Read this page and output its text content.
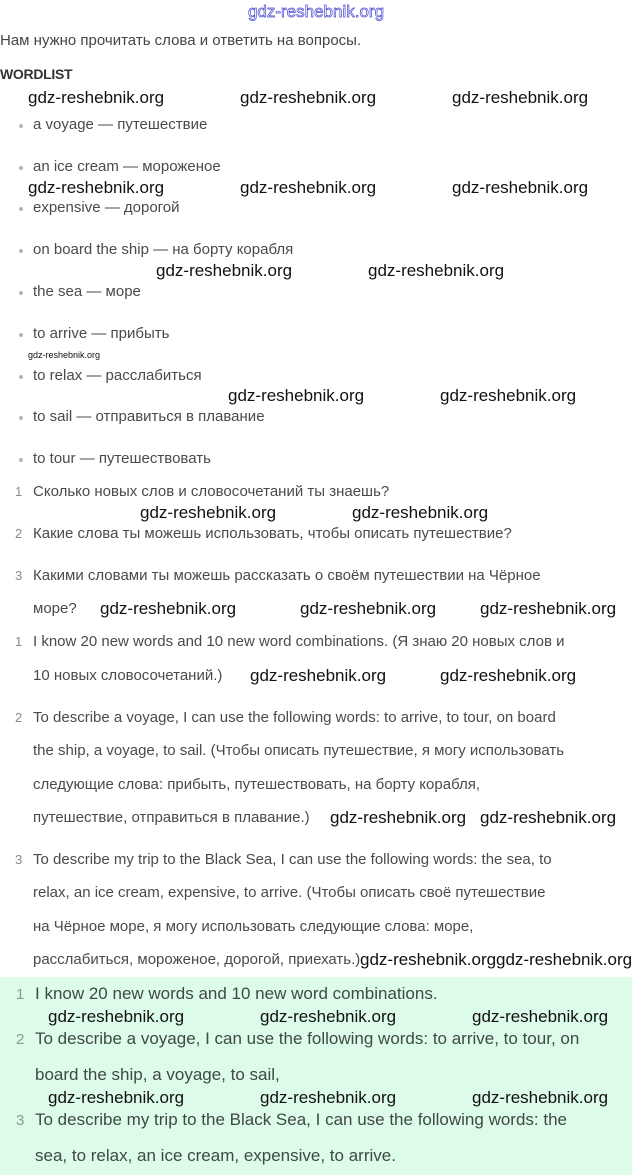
gdz-reshebnik.org
Нам нужно прочитать слова и ответить на вопросы.
WORDLIST
a voyage — путешествие
an ice cream — мороженое
expensive — дорогой
on board the ship — на борту корабля
the sea — море
to arrive — прибыть
to relax — расслабиться
to sail — отправиться в плавание
to tour — путешествовать
1 Сколько новых слов и словосочетаний ты знаешь?
2 Какие слова ты можешь использовать, чтобы описать путешествие?
3 Какими словами ты можешь рассказать о своём путешествии на Чёрное
море?
1 I know 20 new words and 10 new word combinations. (Я знаю 20 новых слов и
10 новых словосочетаний.)
2 To describe a voyage, I can use the following words: to arrive, to tour, on board
the ship, a voyage, to sail. (Чтобы описать путешествие, я могу использовать
следующие слова: прибыть, путешествовать, на борту корабля,
путешествие, отправиться в плавание.)
3 To describe my trip to the Black Sea, I can use the following words: the sea, to
relax, an ice cream, expensive, to arrive. (Чтобы описать своё путешествие
на Чёрное море, я могу использовать следующие слова: море,
расслабиться, мороженое, дорогой, приехать.)
1 I know 20 new words and 10 new word combinations.
2 To describe a voyage, I can use the following words: to arrive, to tour, on
board the ship, a voyage, to sail,
3 To describe my trip to the Black Sea, I can use the following words: the
sea, to relax, an ice cream, expensive, to arrive.
gdz-reshebnik.org	gdz-reshebnik.org	gdz-reshebnik.org
gdz-reshebnik.org	gdz-reshebnik.org	gdz-reshebnik.org
gdz-reshebnik.org	gdz-reshebnik.org
gdz-reshebnik.org	gdz-reshebnik.org
gdz-reshebnik.org	gdz-reshebnik.org
gdz-reshebnik.org	gdz-reshebnik.org	gdz-reshebnik.org
gdz-reshebnik.org	gdz-reshebnik.org
gdz-reshebnik.org gdz-reshebnik.org
gdz-reshebnik.org gdz-reshebnik.org
gdz-reshebnik.org	gdz-reshebnik.org	gdz-reshebnik.org
gdz-reshebnik.org	gdz-reshebnik.org	gdz-reshebnik.org
gdz-reshebnik.org
